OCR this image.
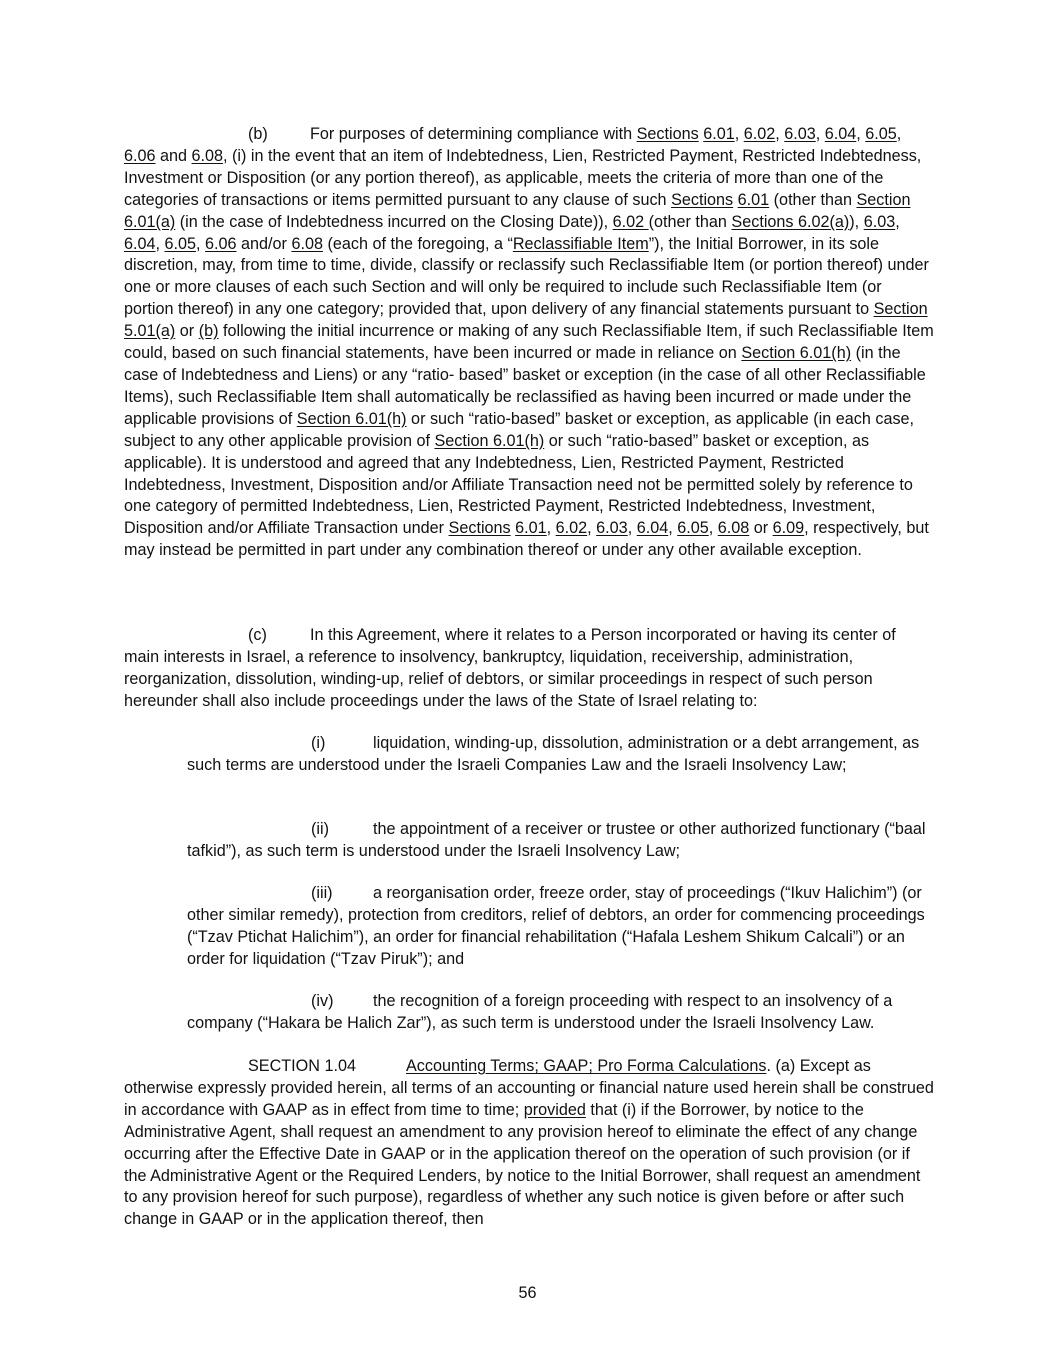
(b)	For purposes of determining compliance with Sections 6.01, 6.02, 6.03, 6.04, 6.05, 6.06 and 6.08, (i) in the event that an item of Indebtedness, Lien, Restricted Payment, Restricted Indebtedness, Investment or Disposition (or any portion thereof), as applicable, meets the criteria of more than one of the categories of transactions or items permitted pursuant to any clause of such Sections 6.01 (other than Section 6.01(a) (in the case of Indebtedness incurred on the Closing Date)), 6.02 (other than Sections 6.02(a)), 6.03, 6.04, 6.05, 6.06 and/or 6.08 (each of the foregoing, a “Reclassifiable Item”), the Initial Borrower, in its sole discretion, may, from time to time, divide, classify or reclassify such Reclassifiable Item (or portion thereof) under one or more clauses of each such Section and will only be required to include such Reclassifiable Item (or portion thereof) in any one category; provided that, upon delivery of any financial statements pursuant to Section 5.01(a) or (b) following the initial incurrence or making of any such Reclassifiable Item, if such Reclassifiable Item could, based on such financial statements, have been incurred or made in reliance on Section 6.01(h) (in the case of Indebtedness and Liens) or any “ratio- based” basket or exception (in the case of all other Reclassifiable Items), such Reclassifiable Item shall automatically be reclassified as having been incurred or made under the applicable provisions of Section 6.01(h) or such “ratio-based” basket or exception, as applicable (in each case, subject to any other applicable provision of Section 6.01(h) or such “ratio-based” basket or exception, as applicable). It is understood and agreed that any Indebtedness, Lien, Restricted Payment, Restricted Indebtedness, Investment, Disposition and/or Affiliate Transaction need not be permitted solely by reference to one category of permitted Indebtedness, Lien, Restricted Payment, Restricted Indebtedness, Investment, Disposition and/or Affiliate Transaction under Sections 6.01, 6.02, 6.03, 6.04, 6.05, 6.08 or 6.09, respectively, but may instead be permitted in part under any combination thereof or under any other available exception.
(c)	In this Agreement, where it relates to a Person incorporated or having its center of main interests in Israel, a reference to insolvency, bankruptcy, liquidation, receivership, administration, reorganization, dissolution, winding-up, relief of debtors, or similar proceedings in respect of such person hereunder shall also include proceedings under the laws of the State of Israel relating to:
(i)	liquidation, winding-up, dissolution, administration or a debt arrangement, as such terms are understood under the Israeli Companies Law and the Israeli Insolvency Law;
(ii)	the appointment of a receiver or trustee or other authorized functionary (“baal tafkid”), as such term is understood under the Israeli Insolvency Law;
(iii) a reorganisation order, freeze order, stay of proceedings (“Ikuv Halichim”) (or other similar remedy), protection from creditors, relief of debtors, an order for commencing proceedings (“Tzav Ptichat Halichim”), an order for financial rehabilitation (“Hafala Leshem Shikum Calcali”) or an order for liquidation (“Tzav Piruk”); and
(iv) the recognition of a foreign proceeding with respect to an insolvency of a company (“Hakara be Halich Zar”), as such term is understood under the Israeli Insolvency Law.
SECTION 1.04	Accounting Terms; GAAP; Pro Forma Calculations. (a) Except as otherwise expressly provided herein, all terms of an accounting or financial nature used herein shall be construed in accordance with GAAP as in effect from time to time; provided that (i) if the Borrower, by notice to the Administrative Agent, shall request an amendment to any provision hereof to eliminate the effect of any change occurring after the Effective Date in GAAP or in the application thereof on the operation of such provision (or if the Administrative Agent or the Required Lenders, by notice to the Initial Borrower, shall request an amendment to any provision hereof for such purpose), regardless of whether any such notice is given before or after such change in GAAP or in the application thereof, then
56
